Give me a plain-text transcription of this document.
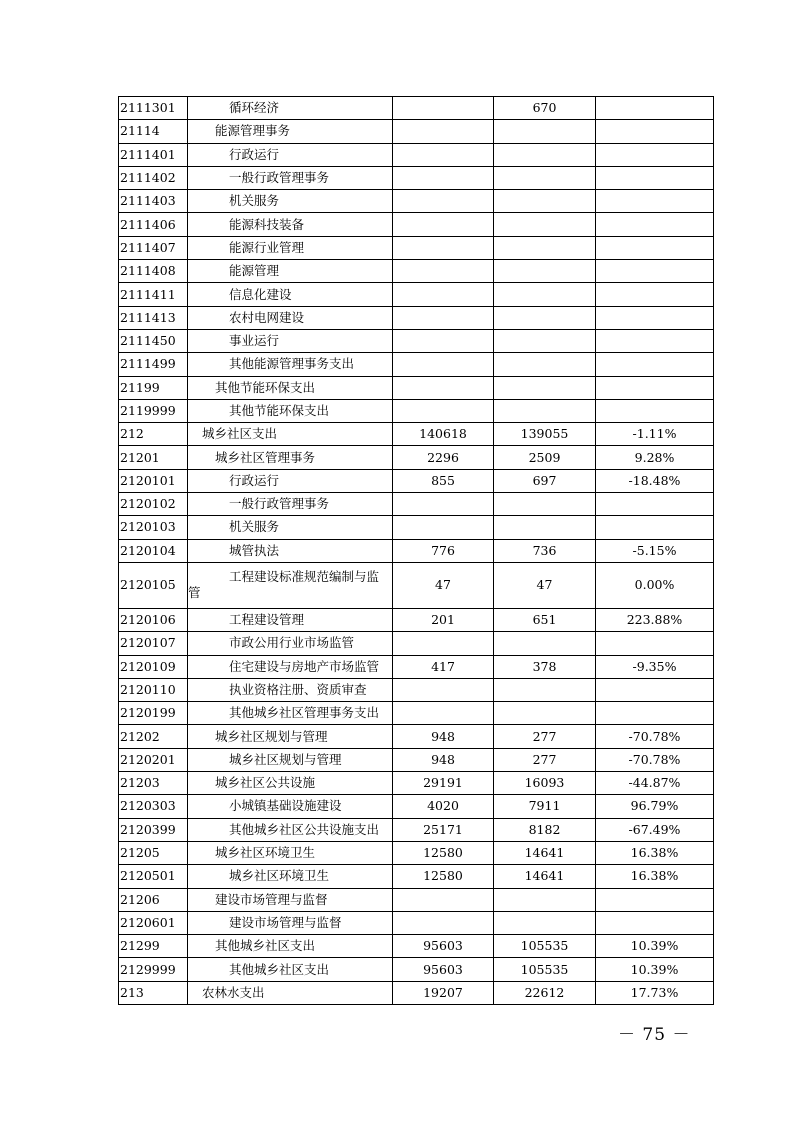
2111301	循环经济		670	
21114	能源管理事务			
2111401	行政运行			
2111402	一般行政管理事务			
2111403	机关服务			
2111406	能源科技装备			
2111407	能源行业管理			
2111408	能源管理			
2111411	信息化建设			
2111413	农村电网建设			
2111450	事业运行			
2111499	其他能源管理事务支出			
21199	其他节能环保支出			
2119999	其他节能环保支出			
212	城乡社区支出	140618	139055	-1.11%
21201	城乡社区管理事务	2296	2509	9.28%
2120101	行政运行	855	697	-18.48%
2120102	一般行政管理事务			
2120103	机关服务			
2120104	城管执法	776	736	-5.15%
2120105	工程建设标准规范编制与监
管	47	47	0.00%
2120106	工程建设管理	201	651	223.88%
2120107	市政公用行业市场监管			
2120109	住宅建设与房地产市场监管	417	378	-9.35%
2120110	执业资格注册、资质审查			
2120199	其他城乡社区管理事务支出			
21202	城乡社区规划与管理	948	277	-70.78%
2120201	城乡社区规划与管理	948	277	-70.78%
21203	城乡社区公共设施	29191	16093	-44.87%
2120303	小城镇基础设施建设	4020	7911	96.79%
2120399	其他城乡社区公共设施支出	25171	8182	-67.49%
21205	城乡社区环境卫生	12580	14641	16.38%
2120501	城乡社区环境卫生	12580	14641	16.38%
21206	建设市场管理与监督			
2120601	建设市场管理与监督			
21299	其他城乡社区支出	95603	105535	10.39%
2129999	其他城乡社区支出	95603	105535	10.39%
213	农林水支出	19207	22612	17.73%
－ 75 －
